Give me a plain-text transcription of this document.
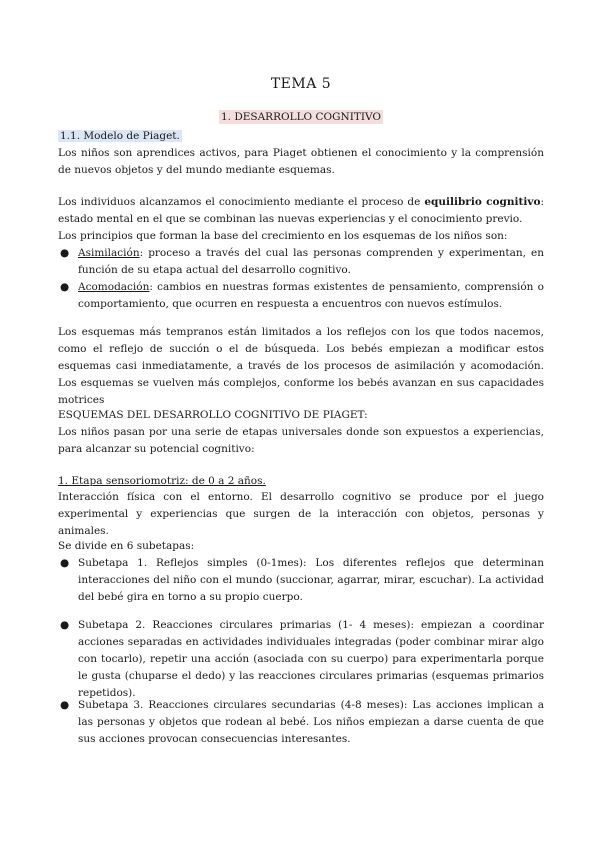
TEMA 5
1. DESARROLLO COGNITIVO
1.1. Modelo de Piaget.

Los niños son aprendices activos, para Piaget obtienen el conocimiento y la comprensión de nuevos objetos y del mundo mediante esquemas.

Los individuos alcanzamos el conocimiento mediante el proceso de equilibrio cognitivo: estado mental en el que se combinan las nuevas experiencias y el conocimiento previo.

Los principios que forman la base del crecimiento en los esquemas de los niños son:

● Asimilación: proceso a través del cual las personas comprenden y experimentan, en función de su etapa actual del desarrollo cognitivo.
● Acomodación: cambios en nuestras formas existentes de pensamiento, comprensión o comportamiento, que ocurren en respuesta a encuentros con nuevos estímulos.

Los esquemas más tempranos están limitados a los reflejos con los que todos nacemos, como el reflejo de succión o el de búsqueda. Los bebés empiezan a modificar estos esquemas casi inmediatamente, a través de los procesos de asimilación y acomodación. Los esquemas se vuelven más complejos, conforme los bebés avanzan en sus capacidades motrices

ESQUEMAS DEL DESARROLLO COGNITIVO DE PIAGET:

Los niños pasan por una serie de etapas universales donde son expuestos a experiencias, para alcanzar su potencial cognitivo:

1. Etapa sensoriomotriz: de 0 a 2 años.

Interacción física con el entorno. El desarrollo cognitivo se produce por el juego experimental y experiencias que surgen de la interacción con objetos, personas y animales.

Se divide en 6 subetapas:

● Subetapa 1. Reflejos simples (0-1mes): Los diferentes reflejos que determinan interacciones del niño con el mundo (succionar, agarrar, mirar, escuchar). La actividad del bebé gira en torno a su propio cuerpo.
● Subetapa 2. Reacciones circulares primarias (1- 4 meses): empiezan a coordinar acciones separadas en actividades individuales integradas (poder combinar mirar algo con tocarlo), repetir una acción (asociada con su cuerpo) para experimentarla porque le gusta (chuparse el dedo) y las reacciones circulares primarias (esquemas primarios repetidos).
● Subetapa 3. Reacciones circulares secundarias (4-8 meses): Las acciones implican a las personas y objetos que rodean al bebé. Los niños empiezan a darse cuenta de que sus acciones provocan consecuencias interesantes.
